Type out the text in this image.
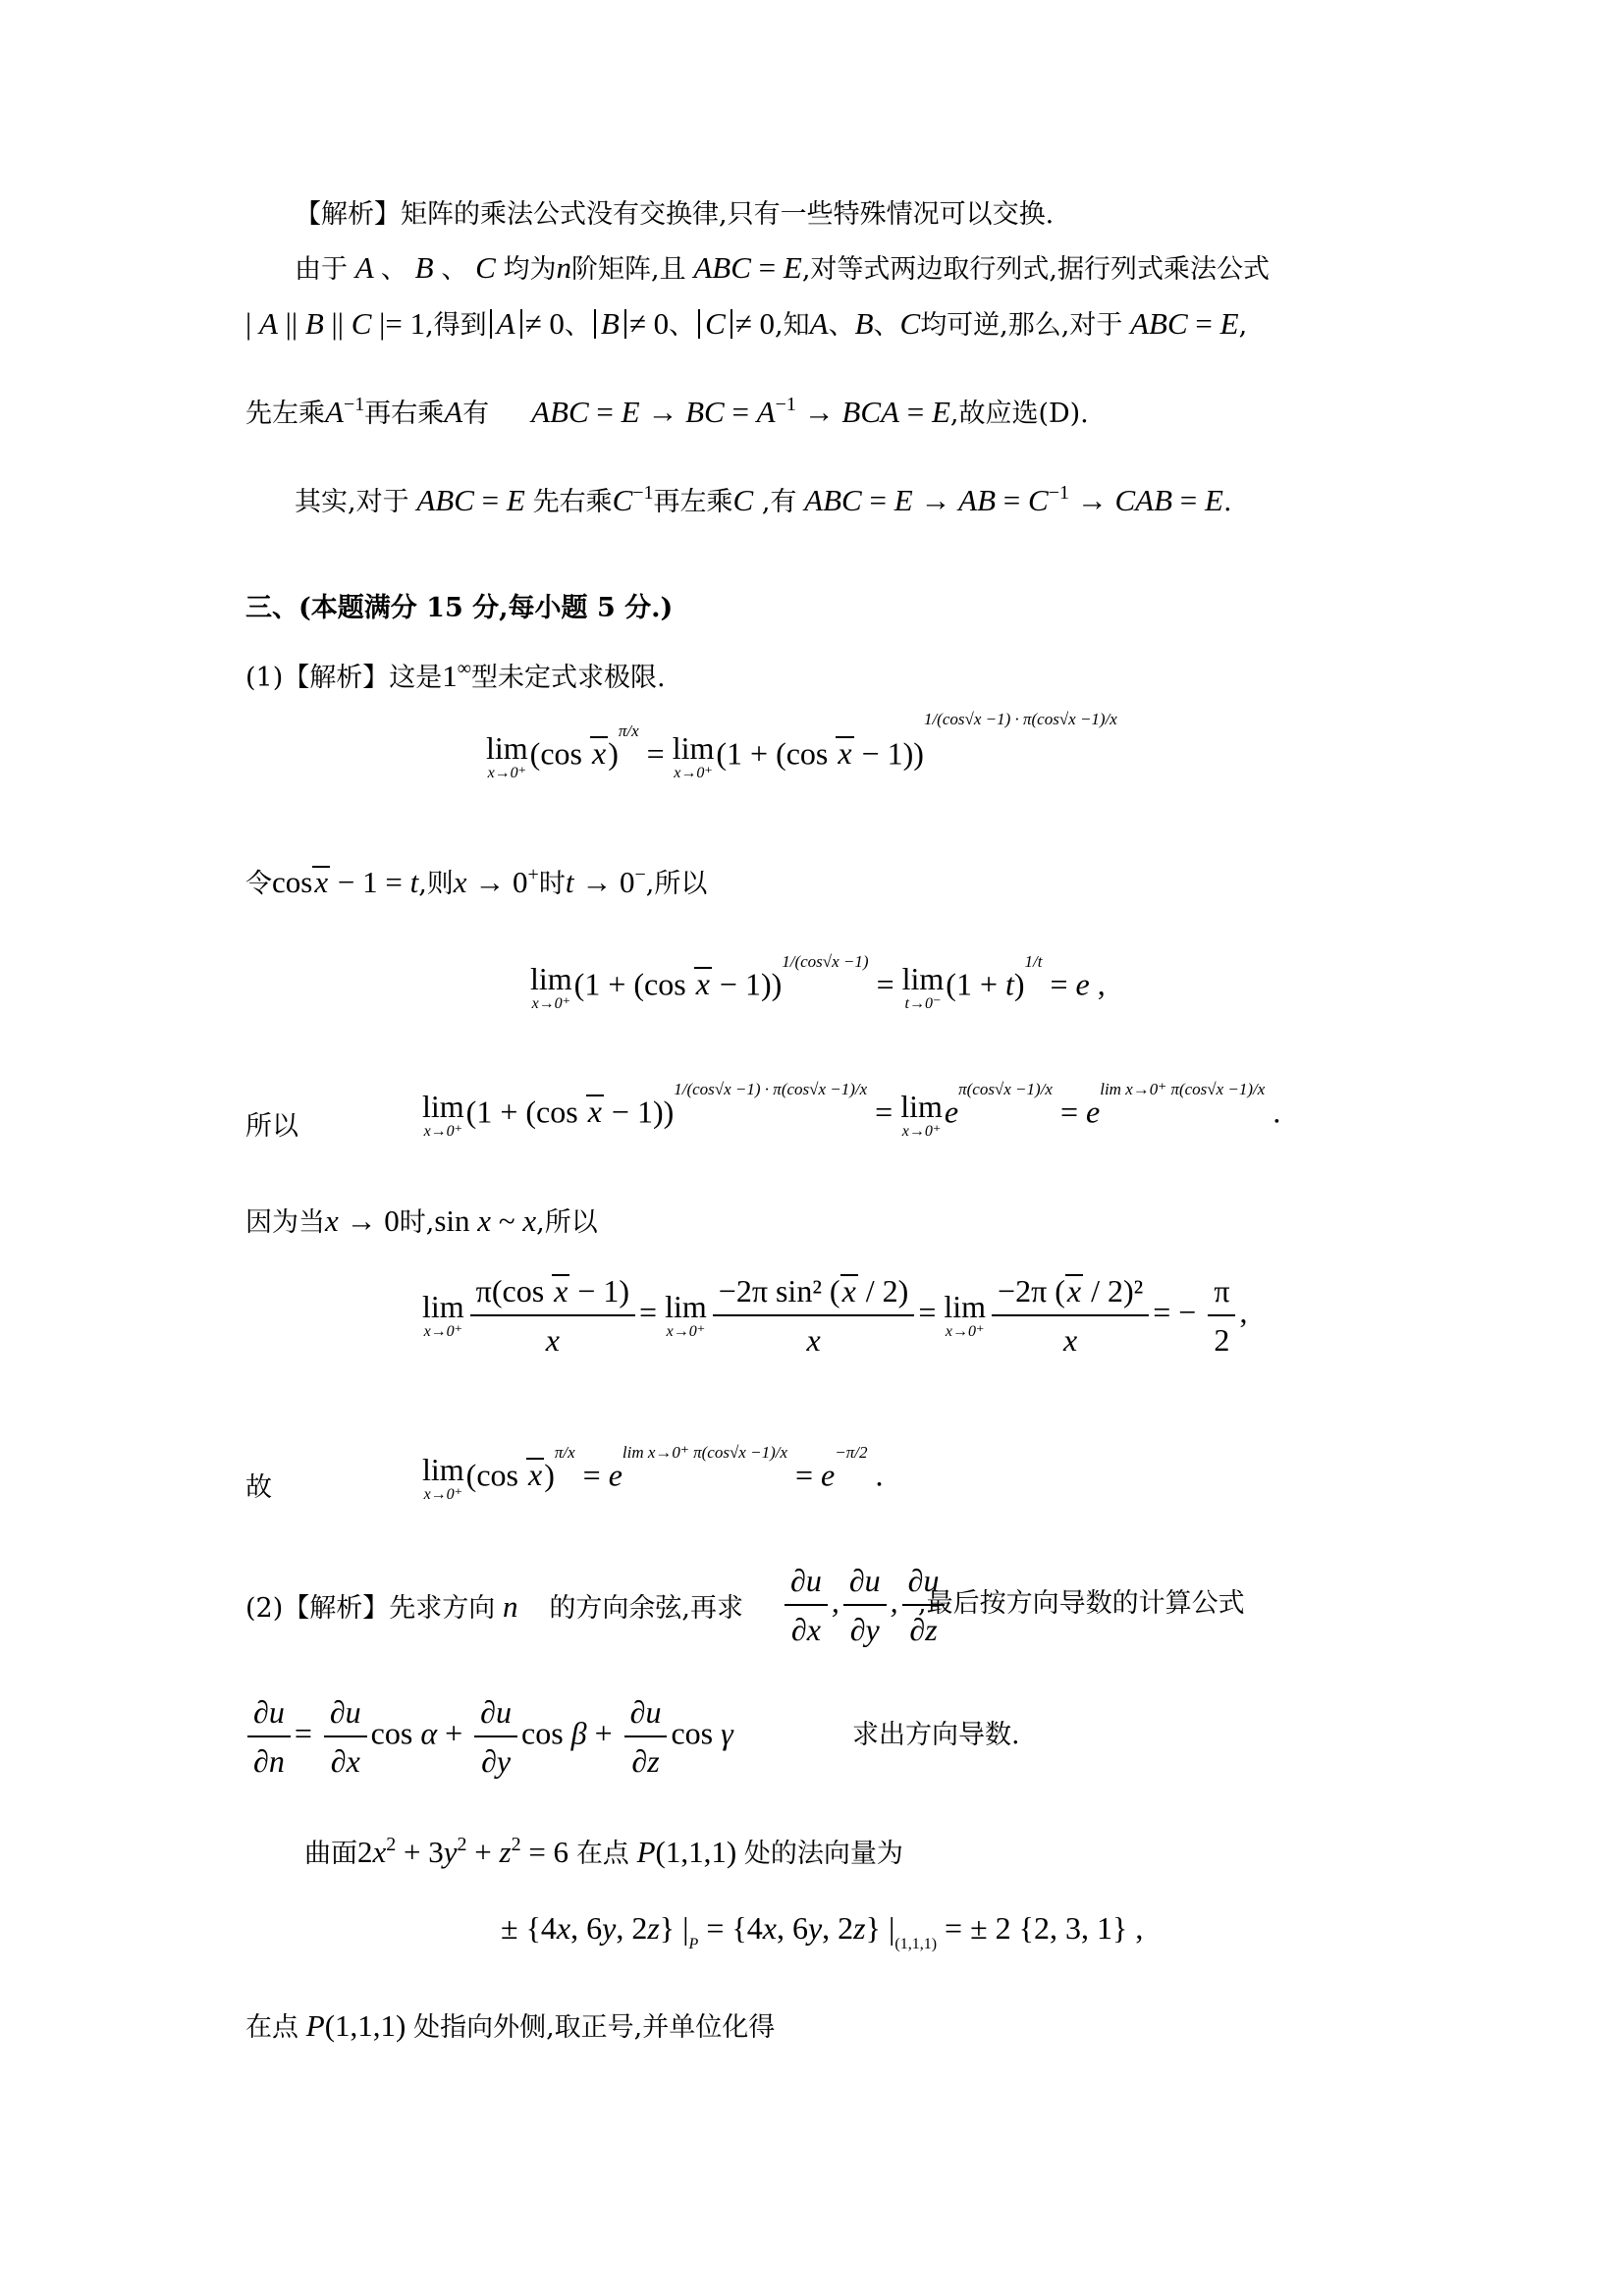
【解析】矩阵的乘法公式没有交换律,只有一些特殊情况可以交换.
由于 A 、 B 、 C 均为n阶矩阵,且 ABC = E,对等式两边取行列式,据行列式乘法公式
| A || B || C |= 1,得到 A ≠ 0、 B ≠ 0、 C ≠ 0,知A、B、C均可逆,那么,对于 ABC = E,
先左乘$A^{-1}$再右乘A有 ABC = E → BC = $A^{-1}$ → BCA = E,故应选(D).
其实,对于 ABC = E 先右乘$C^{-1}$再左乘C ,有 ABC = E → AB = $C^{-1}$ → CAB = E.
三、(本题满分 15 分,每小题 5 分.)
(1)【解析】这是1∞型未定式求极限.
lim
x→0⁺
(cos x)$^{\pi/x}$ = lim
x→0⁺
(1 + (cos x − 1))$^{1/(cos√x -1) \cdot \pi(cos√x -1)/x}$
令cosx − 1 = t,则x → 0+时t → 0−,所以
lim
x→0⁺
(1 + (cos x − 1))$^{1/(cos√x -1)}$ = lim
t→0⁻
$(1 + t)^{1/t} = e$ ,
所以
lim
x→0⁺
(1 + (cos x − 1))$^{1/(cos√x -1) \cdot \pi(cos√x -1)/x}$ = lim
x→0⁺
$e^{\pi(cos√x -1)/x} = e^{lim x\to 0^+ \pi(cos√x -1)/x}$ .
因为当x → 0时,sin x ~ x,所以
lim
$x\to 0^+ \frac{\text{π(cos x − 1)}}{x} = \lim$
$x\to 0^+ \frac{\text{−2π sin² (x / 2)}}{x} = \lim$
$x\to 0^+ \frac{\text{−2π (x / 2)²}}{x}$ = − $\frac{\pi}{2}$ ,
故
lim
x→0⁺
(cos $x)^{\pi/x} = e^{lim x\to 0^+ \pi(cos√x -1)/x} = e^{-\pi/2}$ .
(2)【解析】先求方向 n⃗ 的方向余弦,再求 $\frac{\partial u}{\partial x}$ , $\frac{\partial u}{\partial y}$ , $\frac{\partial u}{\partial z}$
,最后按方向导数的计算公式
$\frac{\partial u}{\partial n} = \frac{\partial u}{\partial x}$ $\cos \alpha + \frac{\partial u}{\partial y}$ $\cos \beta + \frac{\partial u}{\partial z}$ cos γ	求出方向导数.
曲面$2x^2 + 3y^2 + z^2 = 6$ 在点 P(1,1,1) 处的法向量为
± {4x, 6y, 2z} $|_P = \{4x$, 6y, 2z} $|_{(1,1,1)}$ = ± 2 {2, 3, 1} ,
在点 P(1,1,1) 处指向外侧,取正号,并单位化得
